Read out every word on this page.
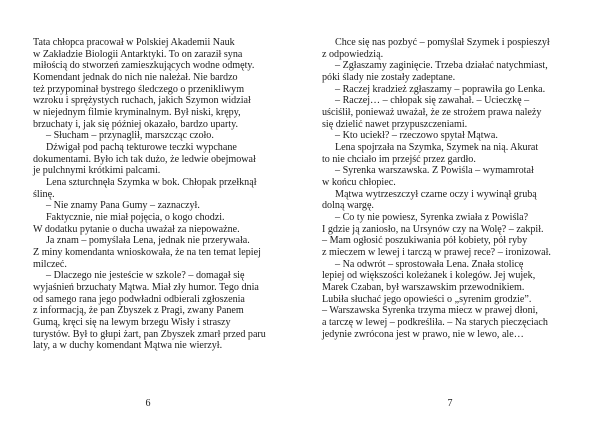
Tata chłopca pracował w Polskiej Akademii Nauk
w Zakładzie Biologii Antarktyki. To on zaraził syna
miłością do stworzeń zamieszkujących wodne odmęty.
Komendant jednak do nich nie należał. Nie bardzo
też przypominał bystrego śledczego o przenikliwym
wzroku i sprężystych ruchach, jakich Szymon widział
w niejednym filmie kryminalnym. Był niski, krępy,
brzuchaty i, jak się później okazało, bardzo uparty.
– Słucham – przynaglił, marszcząc czoło.
Dźwigał pod pachą tekturowe teczki wypchane
dokumentami. Było ich tak dużo, że ledwie obejmował
je pulchnymi krótkimi palcami.
Lena szturchnęła Szymka w bok. Chłopak przełknął
ślinę.
– Nie znamy Pana Gumy – zaznaczył.
Faktycznie, nie miał pojęcia, o kogo chodzi.
W dodatku pytanie o ducha uważał za niepoważne.
Ja znam – pomyślała Lena, jednak nie przerywała.
Z miny komendanta wnioskowała, że na ten temat lepiej
milczeć.
– Dlaczego nie jesteście w szkole? – domagał się
wyjaśnień brzuchaty Mątwa. Miał zły humor. Tego dnia
od samego rana jego podwładni odbierali zgłoszenia
z informacją, że pan Zbyszek z Pragi, zwany Panem
Gumą, kręci się na lewym brzegu Wisły i straszy
turystów. Był to głupi żart, pan Zbyszek zmarł przed paru
laty, a w duchy komendant Mątwa nie wierzył.
6
Chce się nas pozbyć – pomyślał Szymek i pospieszył
z odpowiedzią.
– Zgłaszamy zaginięcie. Trzeba działać natychmiast,
póki ślady nie zostały zadeptane.
– Raczej kradzież zgłaszamy – poprawiła go Lenka.
– Raczej… – chłopak się zawahał. – Ucieczkę –
uściślił, ponieważ uważał, że ze strożem prawa należy
się dzielić nawet przypuszczeniami.
– Kto uciekł? – rzeczowo spytał Mątwa.
Lena spojrzała na Szymka, Szymek na nią. Akurat
to nie chciało im przejść przez gardło.
– Syrenka warszawska. Z Powiśla – wymamrotał
w końcu chłopiec.
Mątwa wytrzeszczył czarne oczy i wywinął grubą
dolną wargę.
– Co ty nie powiesz, Syrenka zwiała z Powiśla?
I gdzie ją zaniosło, na Ursynów czy na Wolę? – zakpił.
– Mam ogłosić poszukiwania pół kobiety, pół ryby
z mieczem w lewej i tarczą w prawej rece? – ironizował.
– Na odwrót – sprostowała Lena. Znała stolicę
lepiej od większości koleżanek i kolegów. Jej wujek,
Marek Czaban, był warszawskim przewodnikiem.
Lubiła słuchać jego opowieści o „syrenim grodzie”.
– Warszawska Syrenka trzyma miecz w prawej dłoni,
a tarczę w lewej – podkreśliła. – Na starych pieczęciach
jedynie zwrócona jest w prawo, nie w lewo, ale…
7
